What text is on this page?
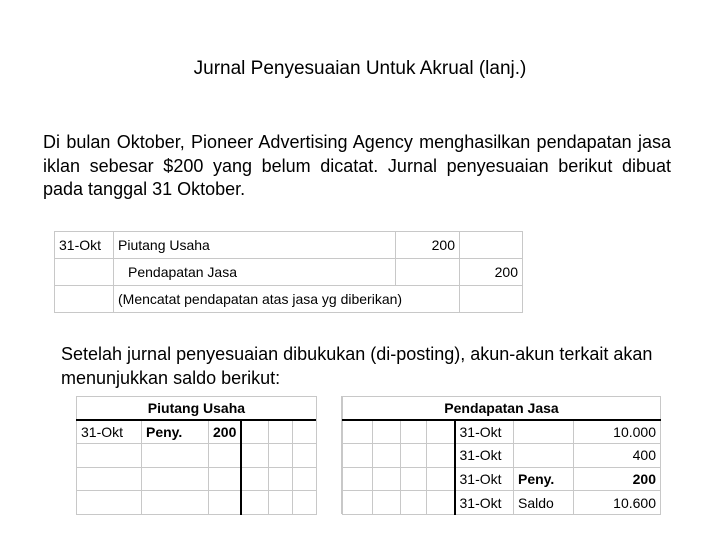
Jurnal Penyesuaian Untuk Akrual (lanj.)
Di bulan Oktober, Pioneer Advertising Agency menghasilkan pendapatan jasa iklan sebesar $200 yang belum dicatat. Jurnal penyesuaian berikut dibuat pada tanggal 31 Oktober.
31-Okt	Piutang Usaha	200	
	Pendapatan Jasa		200
	(Mencatat pendapatan atas jasa yg diberikan)		
Setelah jurnal penyesuaian dibukukan (di-posting), akun-akun terkait akan menunjukkan saldo berikut:
Piutang Usaha					
31-Okt	Peny.	200			

Pendapatan Jasa						
				31-Okt		10.000
				31-Okt		400
				31-Okt	Peny.	200
				31-Okt	Saldo	10.600
